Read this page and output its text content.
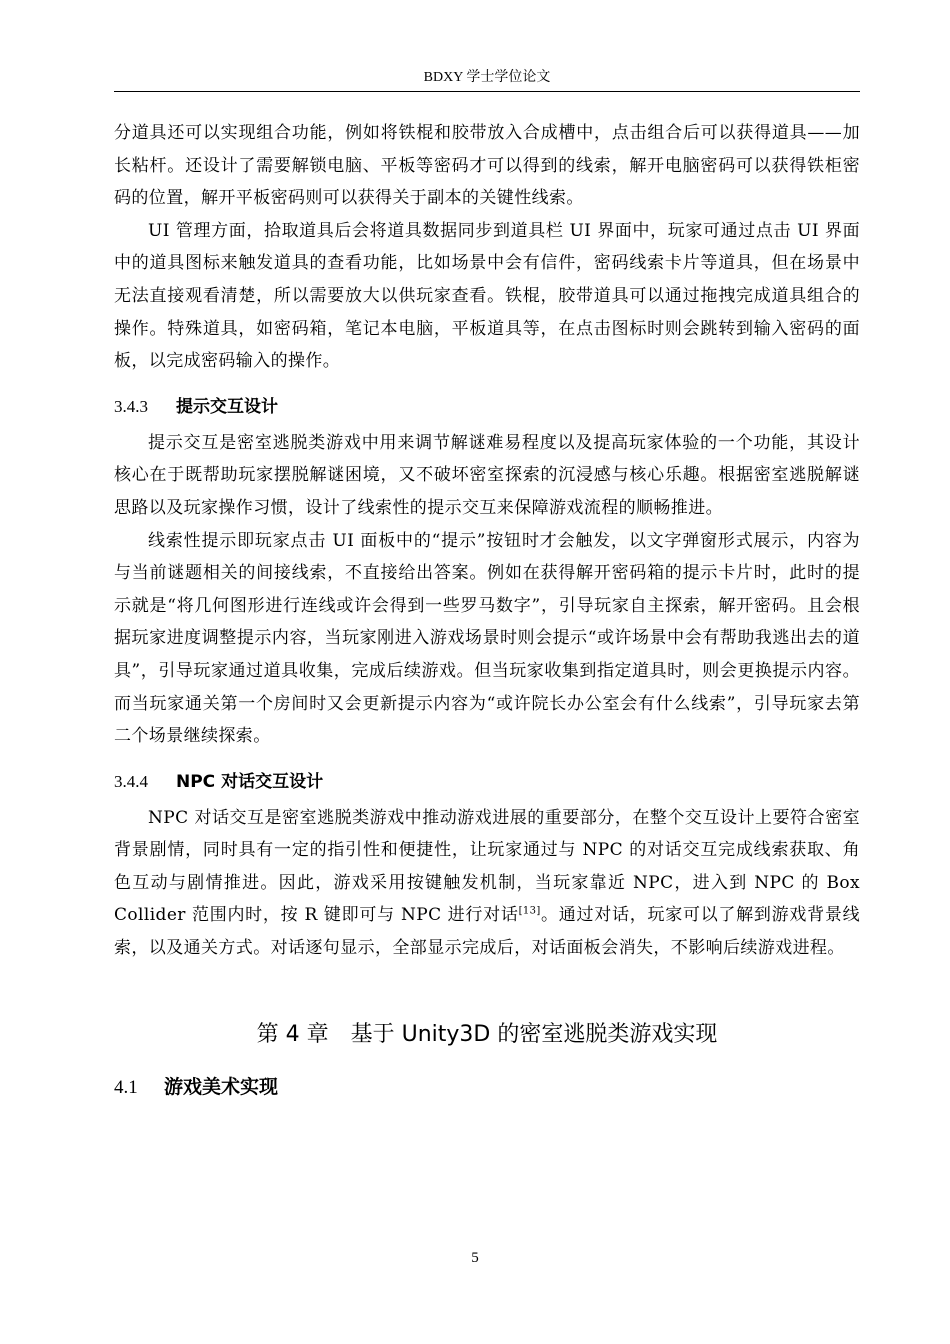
BDXY 学士学位论文

分道具还可以实现组合功能，例如将铁棍和胶带放入合成槽中，点击组合后可以获得道具——加长粘杆。还设计了需要解锁电脑、平板等密码才可以得到的线索，解开电脑密码可以获得铁柜密码的位置，解开平板密码则可以获得关于副本的关键性线索。

UI 管理方面，拾取道具后会将道具数据同步到道具栏 UI 界面中，玩家可通过点击 UI 界面中的道具图标来触发道具的查看功能，比如场景中会有信件，密码线索卡片等道具，但在场景中无法直接观看清楚，所以需要放大以供玩家查看。铁棍，胶带道具可以通过拖拽完成道具组合的操作。特殊道具，如密码箱，笔记本电脑，平板道具等，在点击图标时则会跳转到输入密码的面板，以完成密码输入的操作。

3.4.3 提示交互设计

提示交互是密室逃脱类游戏中用来调节解谜难易程度以及提高玩家体验的一个功能，其设计核心在于既帮助玩家摆脱解谜困境，又不破坏密室探索的沉浸感与核心乐趣。根据密室逃脱解谜思路以及玩家操作习惯，设计了线索性的提示交互来保障游戏流程的顺畅推进。

线索性提示即玩家点击 UI 面板中的“提示”按钮时才会触发，以文字弹窗形式展示，内容为与当前谜题相关的间接线索，不直接给出答案。例如在获得解开密码箱的提示卡片时，此时的提示就是“将几何图形进行连线或许会得到一些罗马数字”，引导玩家自主探索，解开密码。且会根据玩家进度调整提示内容，当玩家刚进入游戏场景时则会提示“或许场景中会有帮助我逃出去的道具”，引导玩家通过道具收集，完成后续游戏。但当玩家收集到指定道具时，则会更换提示内容。而当玩家通关第一个房间时又会更新提示内容为“或许院长办公室会有什么线索”，引导玩家去第二个场景继续探索。

3.4.4 NPC 对话交互设计

NPC 对话交互是密室逃脱类游戏中推动游戏进展的重要部分，在整个交互设计上要符合密室背景剧情，同时具有一定的指引性和便捷性，让玩家通过与 NPC 的对话交互完成线索获取、角色互动与剧情推进。因此，游戏采用按键触发机制，当玩家靠近 NPC，进入到 NPC 的 Box Collider 范围内时，按 R 键即可与 NPC 进行对话[13]。通过对话，玩家可以了解到游戏背景线索，以及通关方式。对话逐句显示，全部显示完成后，对话面板会消失，不影响后续游戏进程。

第 4 章　基于 Unity3D 的密室逃脱类游戏实现
4.1 游戏美术实现
5
